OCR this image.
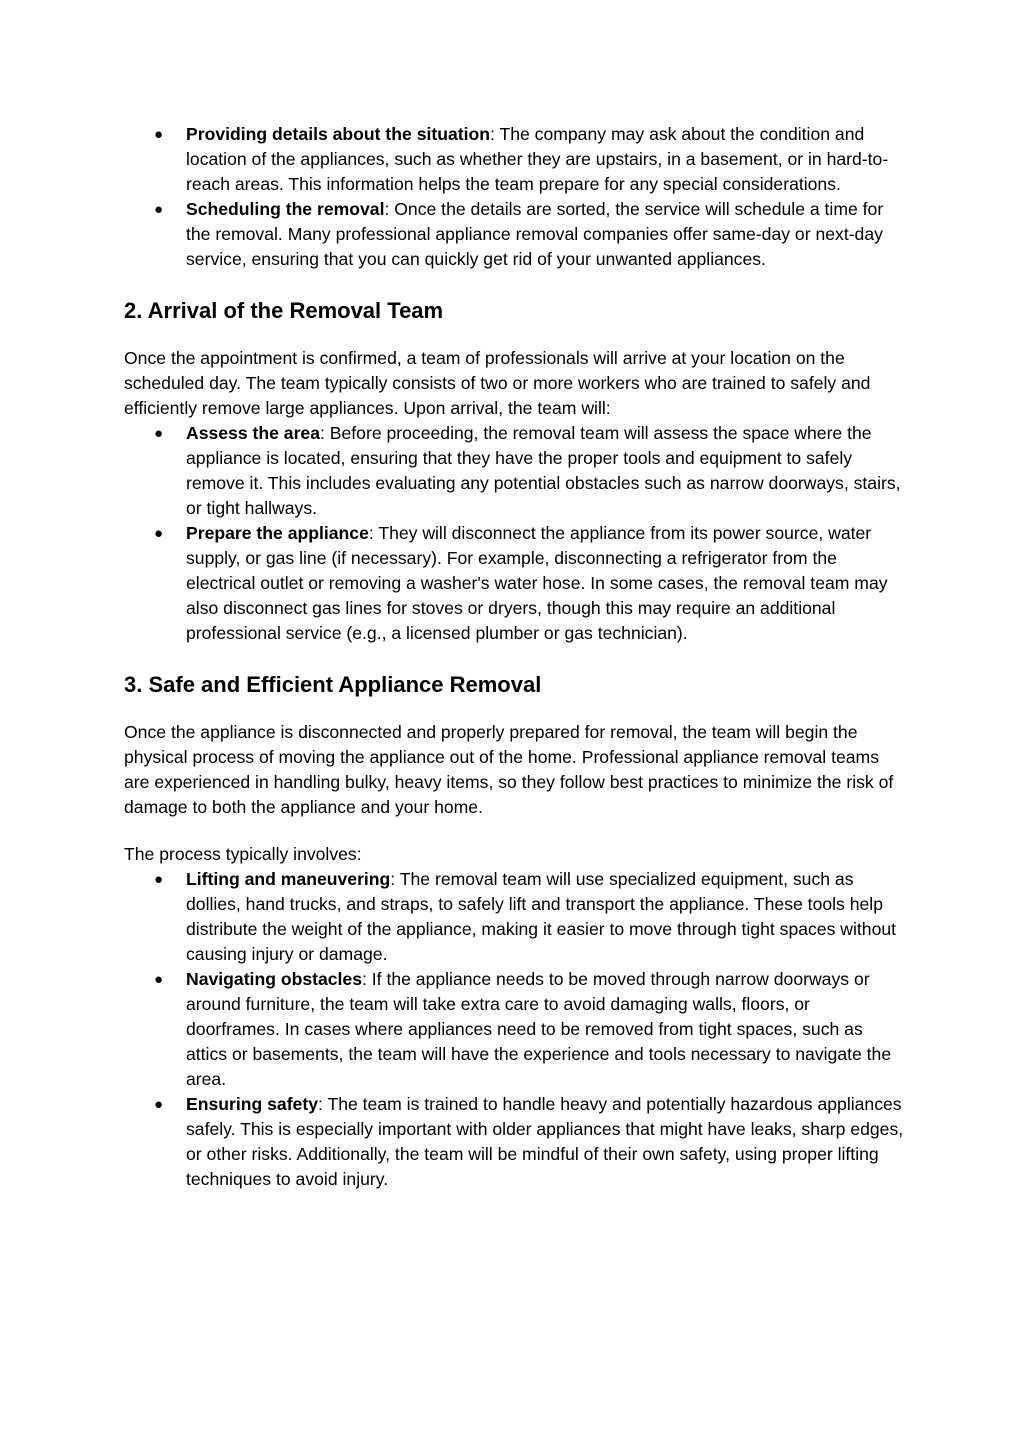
● Providing details about the situation: The company may ask about the condition and location of the appliances, such as whether they are upstairs, in a basement, or in hard-to-reach areas. This information helps the team prepare for any special considerations.
● Scheduling the removal: Once the details are sorted, the service will schedule a time for the removal. Many professional appliance removal companies offer same-day or next-day service, ensuring that you can quickly get rid of your unwanted appliances.
2. Arrival of the Removal Team

Once the appointment is confirmed, a team of professionals will arrive at your location on the scheduled day. The team typically consists of two or more workers who are trained to safely and efficiently remove large appliances. Upon arrival, the team will:

● Assess the area: Before proceeding, the removal team will assess the space where the appliance is located, ensuring that they have the proper tools and equipment to safely remove it. This includes evaluating any potential obstacles such as narrow doorways, stairs, or tight hallways.
● Prepare the appliance: They will disconnect the appliance from its power source, water supply, or gas line (if necessary). For example, disconnecting a refrigerator from the electrical outlet or removing a washer's water hose. In some cases, the removal team may also disconnect gas lines for stoves or dryers, though this may require an additional professional service (e.g., a licensed plumber or gas technician).
3. Safe and Efficient Appliance Removal

Once the appliance is disconnected and properly prepared for removal, the team will begin the physical process of moving the appliance out of the home. Professional appliance removal teams are experienced in handling bulky, heavy items, so they follow best practices to minimize the risk of damage to both the appliance and your home.

The process typically involves:

● Lifting and maneuvering: The removal team will use specialized equipment, such as dollies, hand trucks, and straps, to safely lift and transport the appliance. These tools help distribute the weight of the appliance, making it easier to move through tight spaces without causing injury or damage.
● Navigating obstacles: If the appliance needs to be moved through narrow doorways or around furniture, the team will take extra care to avoid damaging walls, floors, or doorframes. In cases where appliances need to be removed from tight spaces, such as attics or basements, the team will have the experience and tools necessary to navigate the area.
● Ensuring safety: The team is trained to handle heavy and potentially hazardous appliances safely. This is especially important with older appliances that might have leaks, sharp edges, or other risks. Additionally, the team will be mindful of their own safety, using proper lifting techniques to avoid injury.
